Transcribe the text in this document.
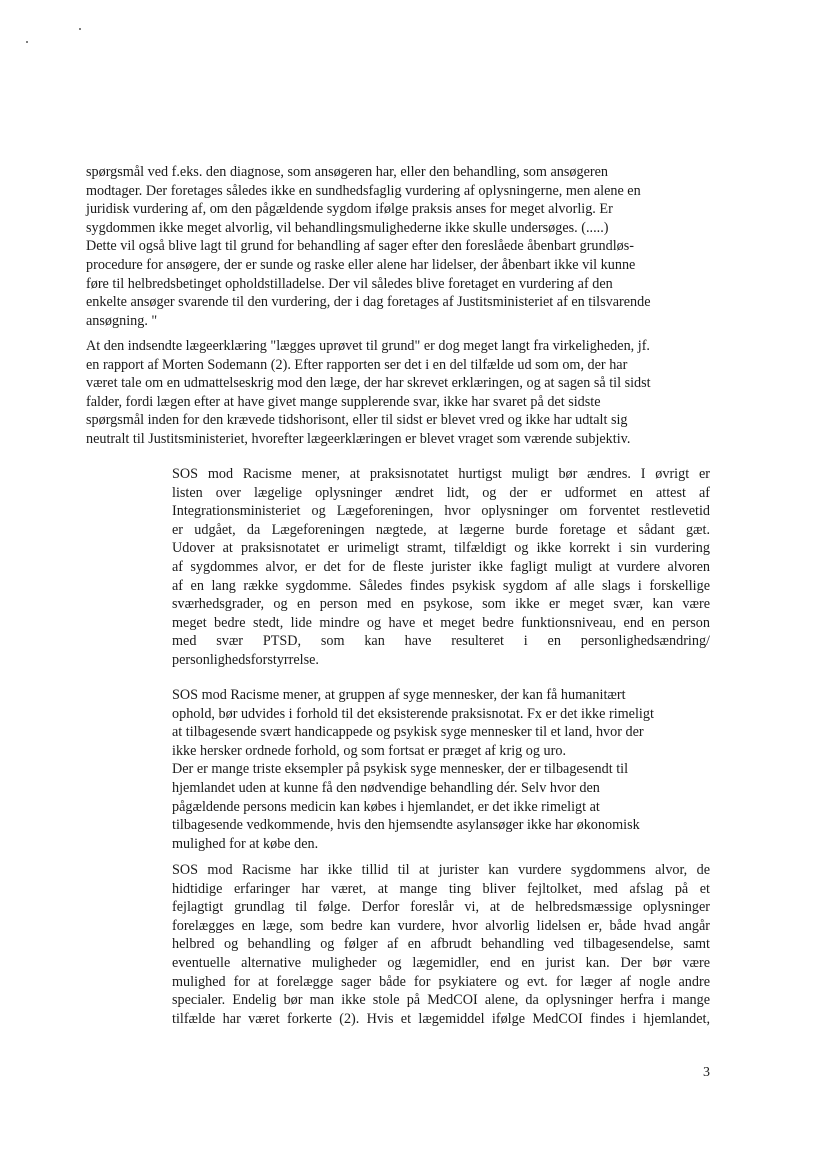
spørgsmål ved f.eks. den diagnose, som ansøgeren har, eller den behandling, som ansøgeren
modtager. Der foretages således ikke en sundhedsfaglig vurdering af oplysningerne, men alene en
juridisk vurdering af, om den pågældende sygdom ifølge praksis anses for meget alvorlig. Er
sygdommen ikke meget alvorlig, vil behandlingsmulighederne ikke skulle undersøges. (.....)
Dette vil også blive lagt til grund for behandling af sager efter den foreslåede åbenbart grundløs-
procedure for ansøgere, der er sunde og raske eller alene har lidelser, der åbenbart ikke vil kunne
føre til helbredsbetinget opholdstilladelse. Der vil således blive foretaget en vurdering af den
enkelte ansøger svarende til den vurdering, der i dag foretages af Justitsministeriet af en tilsvarende
ansøgning. "
At den indsendte lægeerklæring "lægges uprøvet til grund" er dog meget langt fra virkeligheden, jf.
en rapport af Morten Sodemann (2). Efter rapporten ser det i en del tilfælde ud som om, der har
været tale om en udmattelseskrig mod den læge, der har skrevet erklæringen, og at sagen så til sidst
falder, fordi lægen efter at have givet mange supplerende svar, ikke har svaret på det sidste
spørgsmål inden for den krævede tidshorisont, eller til sidst er blevet vred og ikke har udtalt sig
neutralt til Justitsministeriet, hvorefter lægeerklæringen er blevet vraget som værende subjektiv.
SOS mod Racisme mener, at praksisnotatet hurtigst muligt bør ændres. I øvrigt er
listen over lægelige oplysninger ændret lidt, og der er udformet en attest af
Integrationsministeriet og Lægeforeningen, hvor oplysninger om forventet restlevetid
er udgået, da Lægeforeningen nægtede, at lægerne burde foretage et sådant gæt.
Udover at praksisnotatet er urimeligt stramt, tilfældigt og ikke korrekt i sin vurdering
af sygdommes alvor, er det for de fleste jurister ikke fagligt muligt at vurdere alvoren
af en lang række sygdomme. Således findes psykisk sygdom af alle slags i forskellige
sværhedsgrader, og en person med en psykose, som ikke er meget svær, kan være
meget bedre stedt, lide mindre og have et meget bedre funktionsniveau, end en person
med svær PTSD, som kan have resulteret i en personlighedsændring/
personlighedsforstyrrelse.
SOS mod Racisme mener, at gruppen af syge mennesker, der kan få humanitært
ophold, bør udvides i forhold til det eksisterende praksisnotat. Fx er det ikke rimeligt
at tilbagesende svært handicappede og psykisk syge mennesker til et land, hvor der
ikke hersker ordnede forhold, og som fortsat er præget af krig og uro.
Der er mange triste eksempler på psykisk syge mennesker, der er tilbagesendt til
hjemlandet uden at kunne få den nødvendige behandling dér. Selv hvor den
pågældende persons medicin kan købes i hjemlandet, er det ikke rimeligt at
tilbagesende vedkommende, hvis den hjemsendte asylansøger ikke har økonomisk
mulighed for at købe den.
SOS mod Racisme har ikke tillid til at jurister kan vurdere sygdommens alvor, de
hidtidige erfaringer har været, at mange ting bliver fejltolket, med afslag på et
fejlagtigt grundlag til følge. Derfor foreslår vi, at de helbredsmæssige oplysninger
forelægges en læge, som bedre kan vurdere, hvor alvorlig lidelsen er, både hvad angår
helbred og behandling og følger af en afbrudt behandling ved tilbagesendelse, samt
eventuelle alternative muligheder og lægemidler, end en jurist kan. Der bør være
mulighed for at forelægge sager både for psykiatere og evt. for læger af nogle andre
specialer. Endelig bør man ikke stole på MedCOI alene, da oplysninger herfra i mange
tilfælde har været forkerte (2). Hvis et lægemiddel ifølge MedCOI findes i hjemlandet,
3
